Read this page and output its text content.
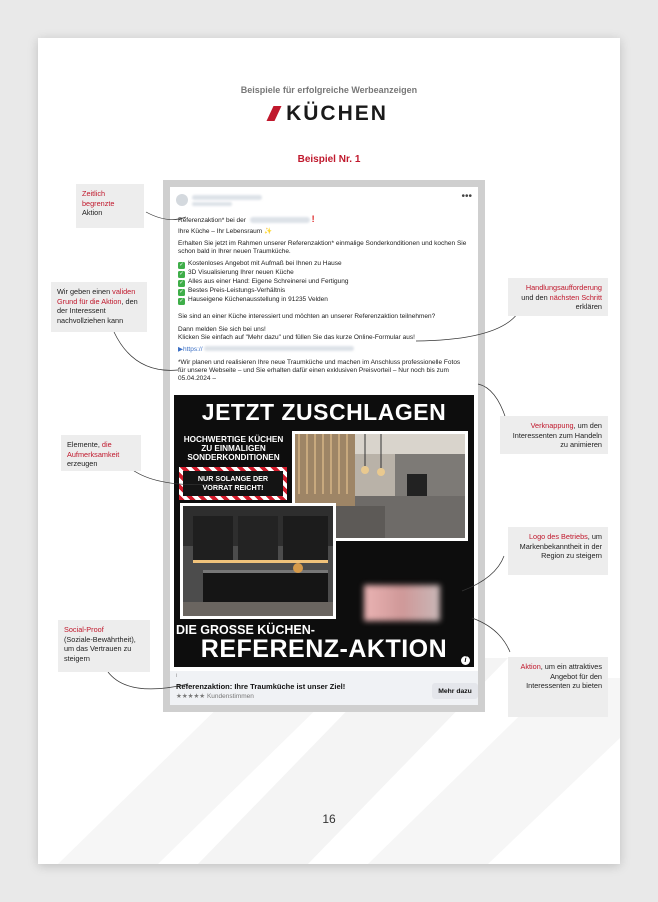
Beispiele für erfolgreiche Werbeanzeigen
KÜCHEN
Beispiel Nr. 1
•••
Referenzaktion* bei der	!
Ihre Küche – Ihr Lebensraum ✨
Erhalten Sie jetzt im Rahmen unserer Referenzaktion* einmalige Sonderkonditionen und kochen Sie schon bald in Ihrer neuen Traumküche.
✓ Kostenloses Angebot mit Aufmaß bei Ihnen zu Hause
✓ 3D Visualisierung Ihrer neuen Küche
✓ Alles aus einer Hand: Eigene Schreinerei und Fertigung
✓ Bestes Preis-Leistungs-Verhältnis
✓ Hauseigene Küchenausstellung in 91235 Velden
Sie sind an einer Küche interessiert und möchten an unserer Referenzaktion teilnehmen?
Dann melden Sie sich bei uns!
Klicken Sie einfach auf "Mehr dazu" und füllen Sie das kurze Online-Formular aus!
▶https://
*Wir planen und realisieren Ihre neue Traumküche und machen im Anschluss professionelle Fotos für unsere Webseite – und Sie erhalten dafür einen exklusiven Preisvorteil – Nur noch bis zum 05.04.2024 –
JETZT ZUSCHLAGEN
HOCHWERTIGE KÜCHEN ZU EINMALIGEN SONDERKONDITIONEN
NUR SOLANGE DER VORRAT REICHT!
DIE GROSSE KÜCHEN-
REFERENZ-AKTION	i
i
Referenzaktion: Ihre Traumküche ist unser Ziel!
★★★★★ Kundenstimmen
Mehr dazu
Zeitlich begrenzte
Aktion
Wir geben einen validen Grund für die Aktion, den der Interessent nachvollziehen kann
Elemente, die Aufmerksamkeit erzeugen
Social-Proof
(Soziale-Bewährtheit), um das Vertrauen zu steigern
Handlungsaufforderung und den nächsten Schritt erklären
Verknappung, um den Interessenten zum Handeln zu animieren
Logo des Betriebs, um Markenbekanntheit in der Region zu steigern
Aktion, um ein attraktives Angebot für den Interessenten zu bieten
16
